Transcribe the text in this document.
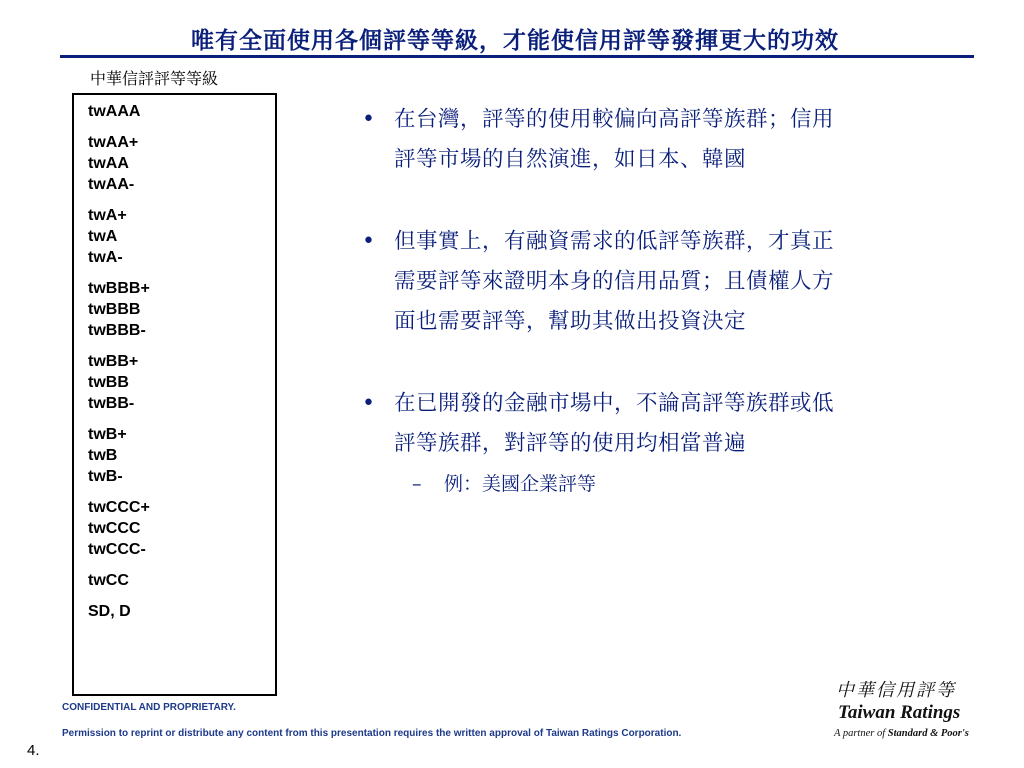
唯有全面使用各個評等等級，才能使信用評等發揮更大的功效
中華信評評等等級
twAAA
twAA+
twAA
twAA-
twA+
twA
twA-
twBBB+
twBBB
twBBB-
twBB+
twBB
twBB-
twB+
twB
twB-
twCCC+
twCCC
twCCC-
twCC
SD, D
• 在台灣，評等的使用較偏向高評等族群；信用
評等市場的自然演進，如日本、韓國
• 但事實上，有融資需求的低評等族群，才真正
需要評等來證明本身的信用品質；且債權人方
面也需要評等，幫助其做出投資決定
• 在已開發的金融市場中，不論高評等族群或低
評等族群，對評等的使用均相當普遍
– 例：美國企業評等
中華信用評等
Taiwan Ratings
A partner of Standard & Poor's
CONFIDENTIAL AND PROPRIETARY.
Permission to reprint or distribute any content from this presentation requires the written approval of Taiwan Ratings Corporation.
4.
